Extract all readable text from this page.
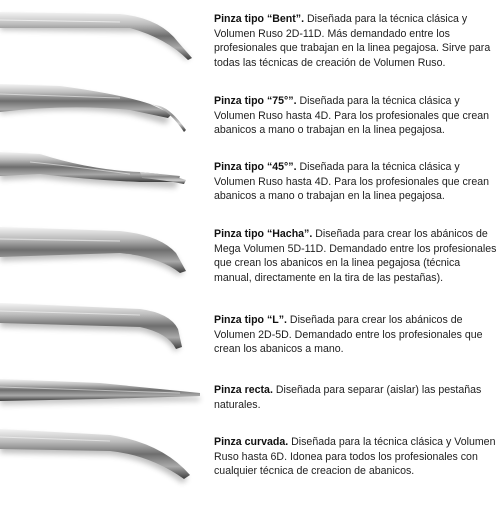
Pinza tipo “Bent”. Diseñada para la técnica clásica y Volumen Ruso 2D-11D. Más demandado entre los profesionales que trabajan en la linea pegajosa. Sirve para todas las técnicas de creación de Volumen Ruso.
Pinza tipo “75°”. Diseñada para la técnica clásica y Volumen Ruso hasta 4D. Para los profesionales que crean abanicos a mano o trabajan en la linea pegajosa.
Pinza tipo “45°”. Diseñada para la técnica clásica y Volumen Ruso hasta 4D. Para los profesionales que crean abanicos a mano o trabajan en la linea pegajosa.
Pinza tipo “Hacha”. Diseñada para crear los abánicos de Mega Volumen 5D-11D. Demandado entre los profesionales que crean los abanicos en la linea pegajosa (técnica manual, directamente en la tira de las pestañas).
Pinza tipo “L”. Diseñada para crear los abánicos de Volumen 2D-5D. Demandado entre los profesionales que crean los abanicos a mano.
Pinza recta. Diseñada para separar (aislar) las pestañas naturales.
Pinza curvada. Diseñada para la técnica clásica y Volumen Ruso hasta 6D. Idonea para todos los profesionales con cualquier técnica de creacion de abanicos.
